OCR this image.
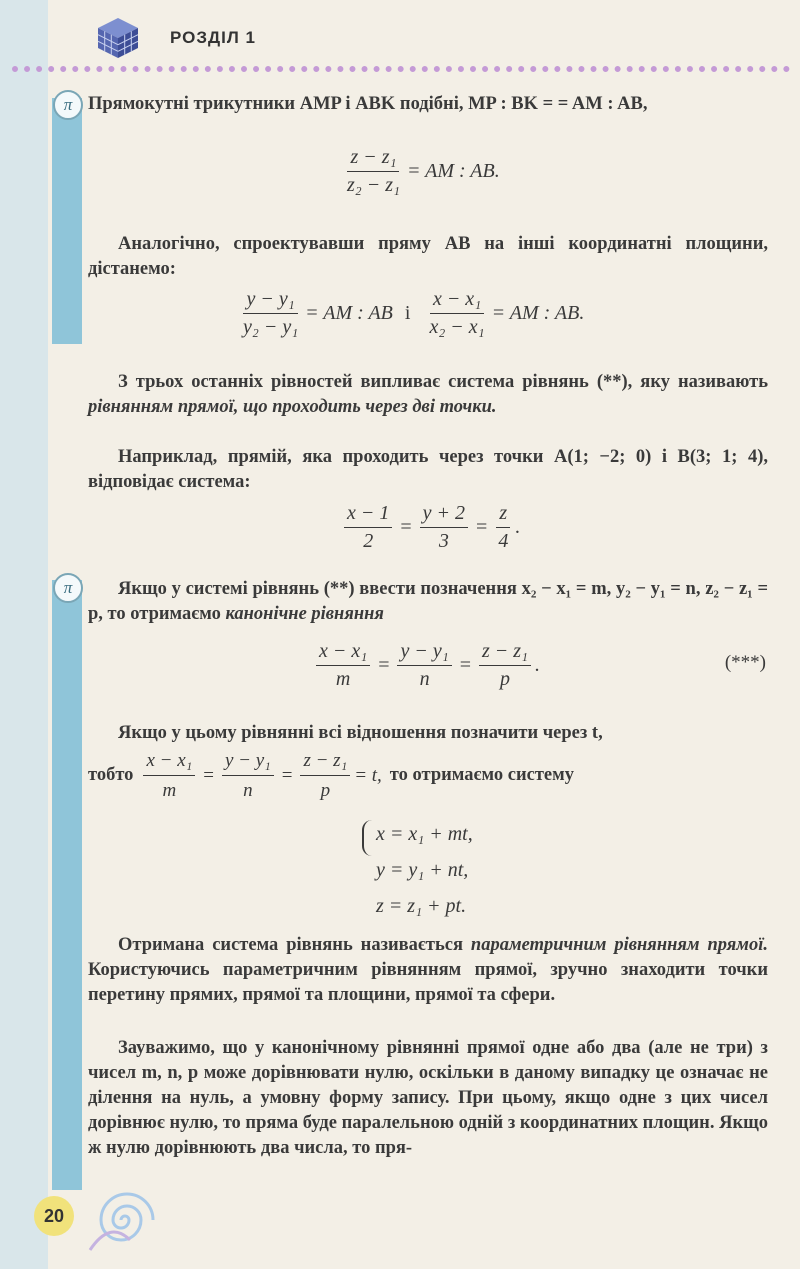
РОЗДІЛ 1
π
π
Прямокутні трикутники AMP і ABK подібні, MP : BK = = AM : AB,
$\frac{\text{z − z₁}}{\text{z₂ − z₁}}$ = AM : AB.
Аналогічно, спроектувавши пряму AB на інші координатні площини, дістанемо:
$\frac{\text{y − y₁}}{\text{y₂ − y₁}}$ = AM : AB і $\frac{\text{x − x₁}}{\text{x₂ − x₁}}$ = AM : AB.
З трьох останніх рівностей випливає система рівнянь (**), яку називають рівнянням прямої, що проходить через дві точки.
Наприклад, прямій, яка проходить через точки A(1; −2; 0) і B(3; 1; 4), відповідає система:
$\frac{x - 1}{2} = \frac{y + 2}{3} = \frac{z}{4}$ .
Якщо у системі рівнянь (**) ввести позначення x₂ − x₁ = m, y₂ − y₁ = n, z₂ − z₁ = p, то отримаємо канонічне рівняння
$\frac{\text{x − x₁}}{m} = \frac{\text{y − y₁}}{n} = \frac{\text{z − z₁}}{p}$ .	(***)
Якщо у цьому рівнянні всі відношення позначити через t,
тобто $\frac{\text{x − x₁}}{m} = \frac{\text{y − y₁}}{n} = \frac{\text{z − z₁}}{p} = t$, то отримаємо систему
x = x₁ + mt,
y = y₁ + nt,
z = z₁ + pt.
Отримана система рівнянь називається параметричним рівнянням прямої. Користуючись параметричним рівнянням прямої, зручно знаходити точки перетину прямих, прямої та площини, прямої та сфери.
Зауважимо, що у канонічному рівнянні прямої одне або два (але не три) з чисел m, n, p може дорівнювати нулю, оскільки в даному випадку це означає не ділення на нуль, а умовну форму запису. При цьому, якщо одне з цих чисел дорівнює нулю, то пряма буде паралельною одній з координатних площин. Якщо ж нулю дорівнюють два числа, то пря-
20
